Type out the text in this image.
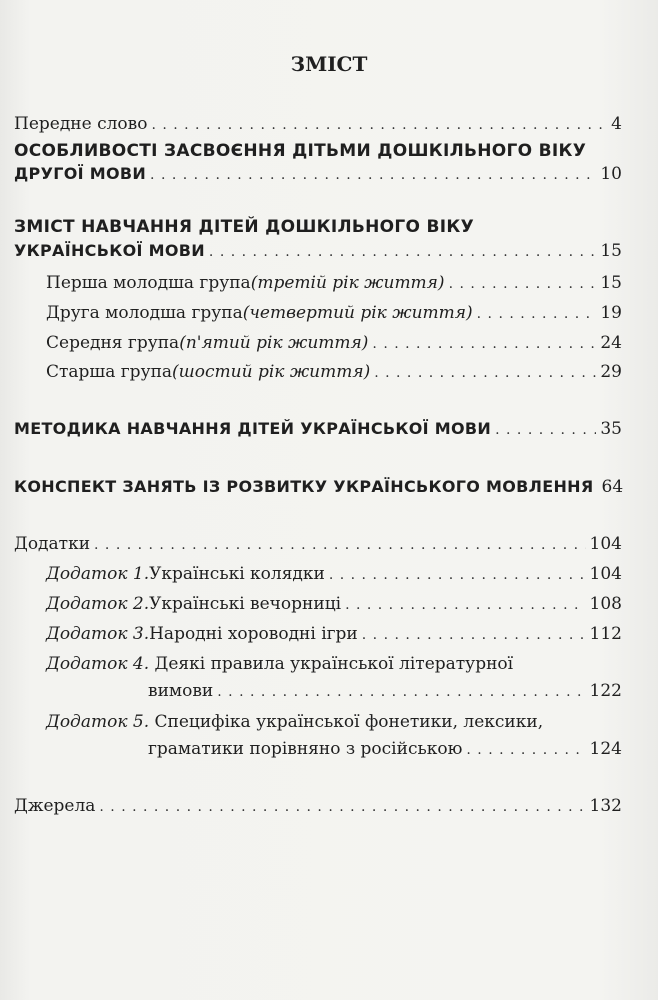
ЗМІСТ
Передне слово . . .	4
ОСОБЛИВОСТІ ЗАСВОЄННЯ ДІТЬМИ ДОШКІЛЬНОГО ВІКУ
ДРУГОЇ МОВИ . . .	10
ЗМІСТ НАВЧАННЯ ДІТЕЙ ДОШКІЛЬНОГО ВІКУ
УКРАЇНСЬКОЇ МОВИ . . .	15
Перша молодша група (третій рік життя) . . .	15
Друга молодша група (четвертий рік життя) . . .	19
Середня група (п'ятий рік життя) . . .	24
Старша група (шостий рік життя) . . .	29
МЕТОДИКА НАВЧАННЯ ДІТЕЙ УКРАЇНСЬКОЇ МОВИ . . .	35
КОНСПЕКТ ЗАНЯТЬ ІЗ РОЗВИТКУ УКРАЇНСЬКОГО МОВЛЕННЯ 64
Додатки . . .	104
Додаток 1. Українські колядки . . .	104
Додаток 2. Українські вечорниці . . .	108
Додаток 3. Народні хороводні ігри . . .	112
Додаток 4. Деякі правила української літературної
вимови . . .	122
Додаток 5. Специфіка української фонетики, лексики,
граматики порівняно з російською . . .	124
Джерела . . .	132
